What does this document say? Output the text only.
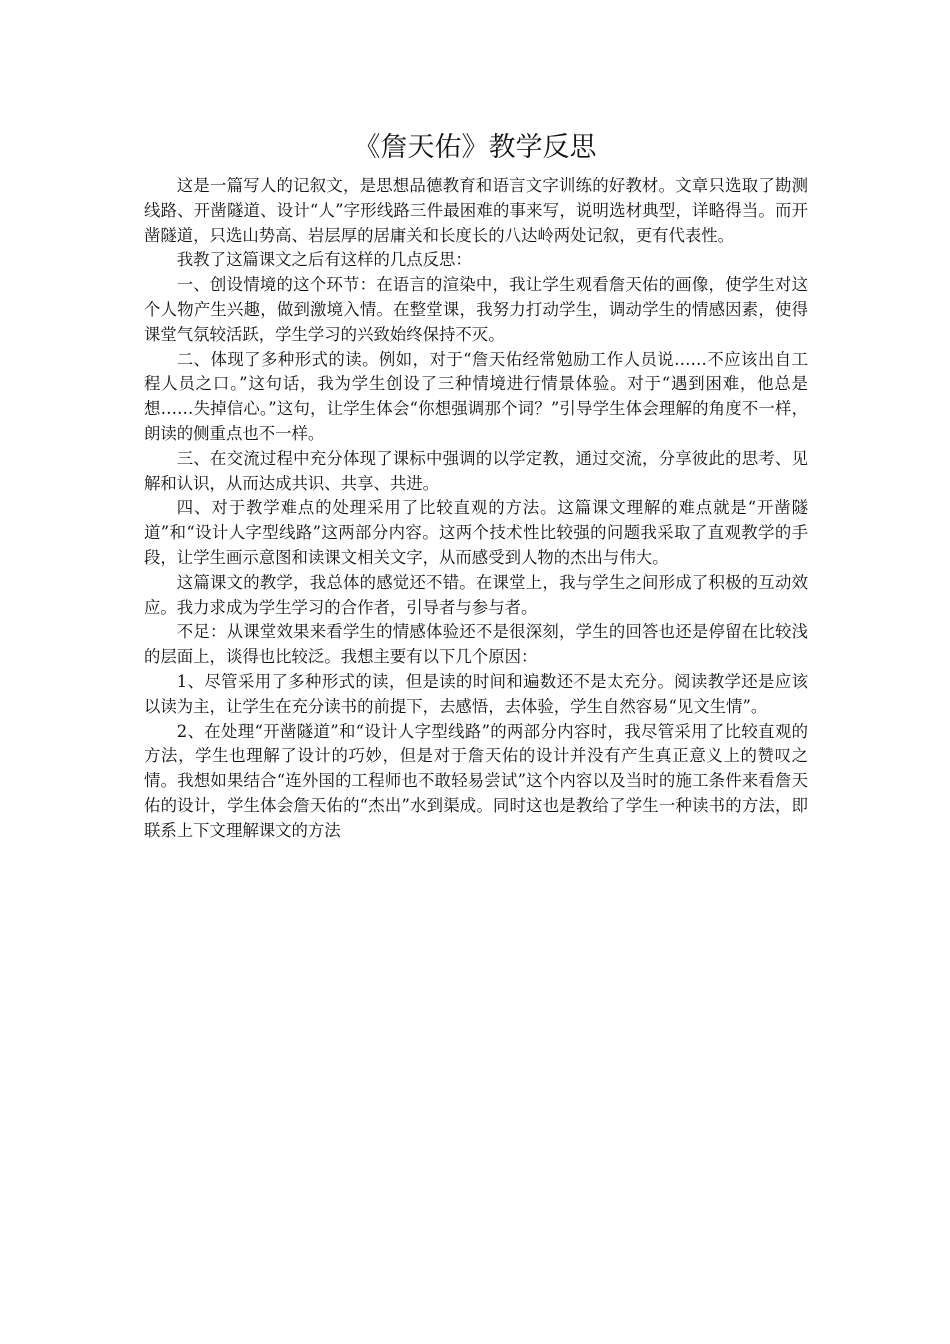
《詹天佑》教学反思

这是一篇写人的记叙文，是思想品德教育和语言文字训练的好教材。文章只选取了勘测线路、开凿隧道、设计“人”字形线路三件最困难的事来写，说明选材典型，详略得当。而开凿隧道，只选山势高、岩层厚的居庸关和长度长的八达岭两处记叙，更有代表性。

我教了这篇课文之后有这样的几点反思：

一、创设情境的这个环节：在语言的渲染中，我让学生观看詹天佑的画像，使学生对这个人物产生兴趣，做到激境入情。在整堂课，我努力打动学生，调动学生的情感因素，使得课堂气氛较活跃，学生学习的兴致始终保持不灭。

二、体现了多种形式的读。例如，对于“詹天佑经常勉励工作人员说……不应该出自工程人员之口。”这句话，我为学生创设了三种情境进行情景体验。对于“遇到困难，他总是想……失掉信心。”这句，让学生体会“你想强调那个词？”引导学生体会理解的角度不一样，朗读的侧重点也不一样。

三、在交流过程中充分体现了课标中强调的以学定教，通过交流，分享彼此的思考、见解和认识，从而达成共识、共享、共进。

四、对于教学难点的处理采用了比较直观的方法。这篇课文理解的难点就是“开凿隧道”和“设计人字型线路”这两部分内容。这两个技术性比较强的问题我采取了直观教学的手段，让学生画示意图和读课文相关文字，从而感受到人物的杰出与伟大。

这篇课文的教学，我总体的感觉还不错。在课堂上，我与学生之间形成了积极的互动效应。我力求成为学生学习的合作者，引导者与参与者。

不足：从课堂效果来看学生的情感体验还不是很深刻，学生的回答也还是停留在比较浅的层面上，谈得也比较泛。我想主要有以下几个原因：

1、尽管采用了多种形式的读，但是读的时间和遍数还不是太充分。阅读教学还是应该以读为主，让学生在充分读书的前提下，去感悟，去体验，学生自然容易“见文生情”。

2、在处理“开凿隧道”和“设计人字型线路”的两部分内容时，我尽管采用了比较直观的方法，学生也理解了设计的巧妙，但是对于詹天佑的设计并没有产生真正意义上的赞叹之情。我想如果结合“连外国的工程师也不敢轻易尝试”这个内容以及当时的施工条件来看詹天佑的设计，学生体会詹天佑的“杰出”水到渠成。同时这也是教给了学生一种读书的方法，即联系上下文理解课文的方法
